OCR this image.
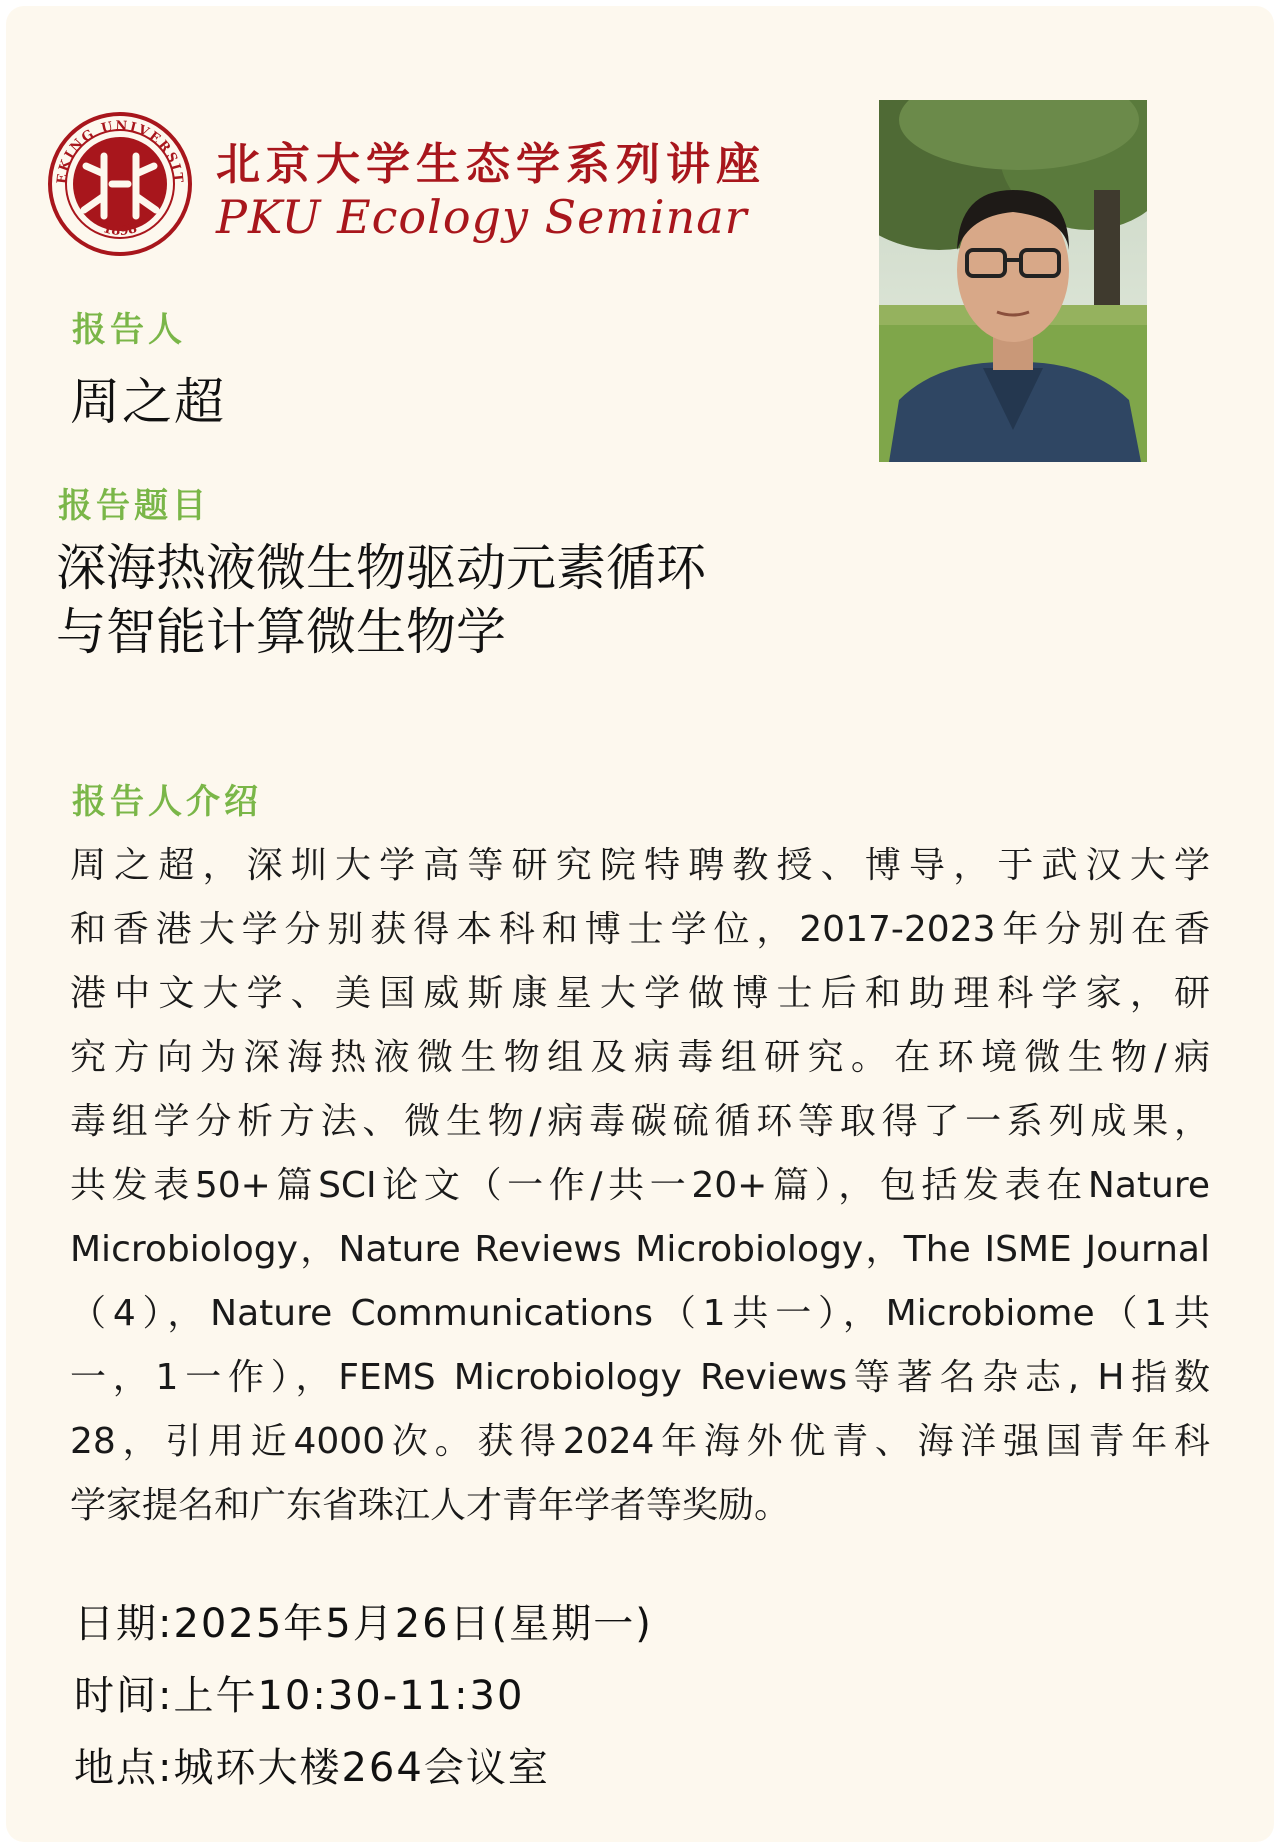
EKING UNIVERSIT
1898
北京大学生态学系列讲座
PKU Ecology Seminar
报告人
周之超
报告题目
深海热液微生物驱动元素循环
与智能计算微生物学
报告人介绍
周之超，深圳大学高等研究院特聘教授、博导，于武汉大学
和香港大学分别获得本科和博士学位，2017-2023年分别在香
港中文大学、美国威斯康星大学做博士后和助理科学家，研
究方向为深海热液微生物组及病毒组研究。在环境微生物/病
毒组学分析方法、微生物/病毒碳硫循环等取得了一系列成果，
共发表50+篇SCI论文（一作/共一20+篇），包括发表在Nature
Microbiology，Nature Reviews Microbiology，The ISME Journal
（4），Nature Communications（1共一），Microbiome（1共
一，1一作），FEMS Microbiology Reviews等著名杂志, H指数
28，引用近4000次。获得2024年海外优青、海洋强国青年科
学家提名和广东省珠江人才青年学者等奖励。
日期:2025年5月26日(星期一)
时间:上午10:30-11:30
地点:城环大楼264会议室
